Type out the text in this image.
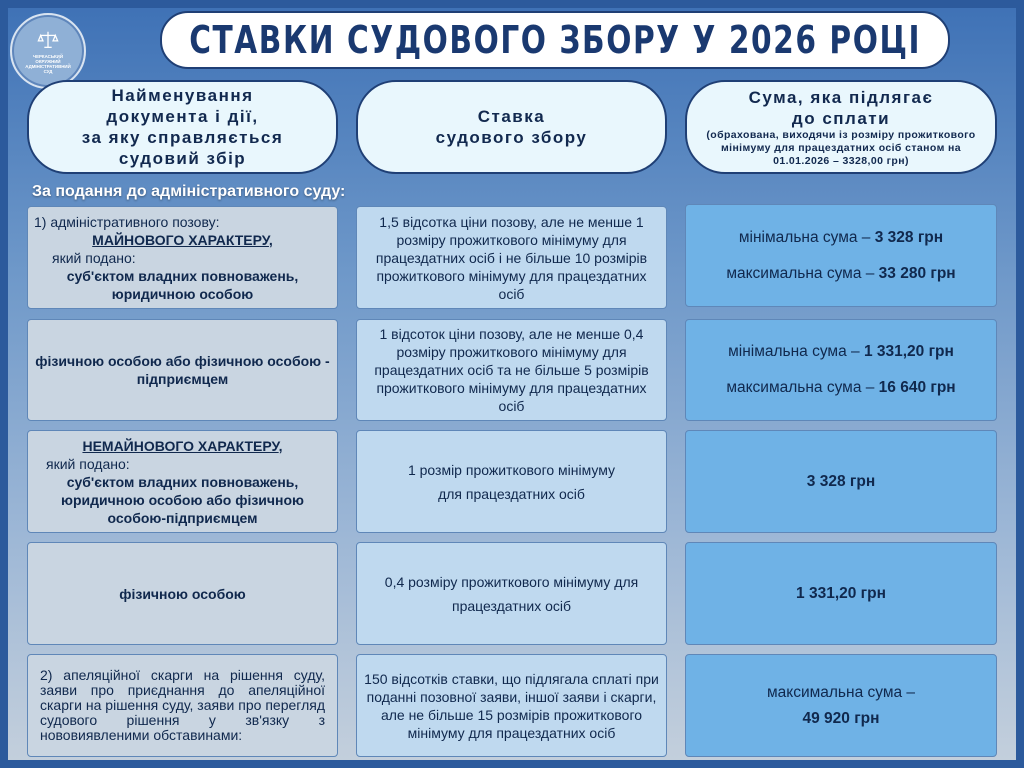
ЧЕРКАСЬКИЙ ОКРУЖНИЙ АДМІНІСТРАТИВНИЙ СУД
СТАВКИ СУДОВОГО ЗБОРУ У 2026 РОЦІ
Найменування
документа і дії,
за яку справляється
судовий збір
Ставка
судового збору
Сума, яка підлягає
до сплати
(обрахована, виходячи із розміру прожиткового мінімуму для працездатних осіб станом на 01.01.2026 – 3328,00 грн)
За подання до адміністративного суду:
1) адміністративного позову:
МАЙНОВОГО ХАРАКТЕРУ,
який подано:
суб'єктом владних повноважень, юридичною особою
1,5 відсотка ціни позову, але не менше 1 розміру прожиткового мінімуму для працездатних осіб і не більше 10 розмірів прожиткового мінімуму для працездатних осіб
мінімальна сума – 3 328 грн
максимальна сума – 33 280 грн
фізичною особою або фізичною особою - підприємцем
1 відсоток ціни позову, але не менше 0,4 розміру прожиткового мінімуму для працездатних осіб та не більше 5 розмірів прожиткового мінімуму для працездатних осіб
мінімальна сума – 1 331,20 грн
максимальна сума – 16 640 грн
НЕМАЙНОВОГО ХАРАКТЕРУ,
який подано:
суб'єктом владних повноважень, юридичною особою або фізичною особою-підприємцем
1 розмір прожиткового мінімуму для працездатних осіб
3 328 грн
фізичною особою
0,4 розміру прожиткового мінімуму для працездатних осіб
1 331,20 грн
2) апеляційної скарги на рішення суду, заяви про приєднання до апеляційної скарги на рішення суду, заяви про перегляд судового рішення у зв'язку з нововиявленими обставинами:
150 відсотків ставки, що підлягала сплаті при поданні позовної заяви, іншої заяви і скарги, але не більше 15 розмірів прожиткового мінімуму для працездатних осіб
максимальна сума –
49 920 грн
